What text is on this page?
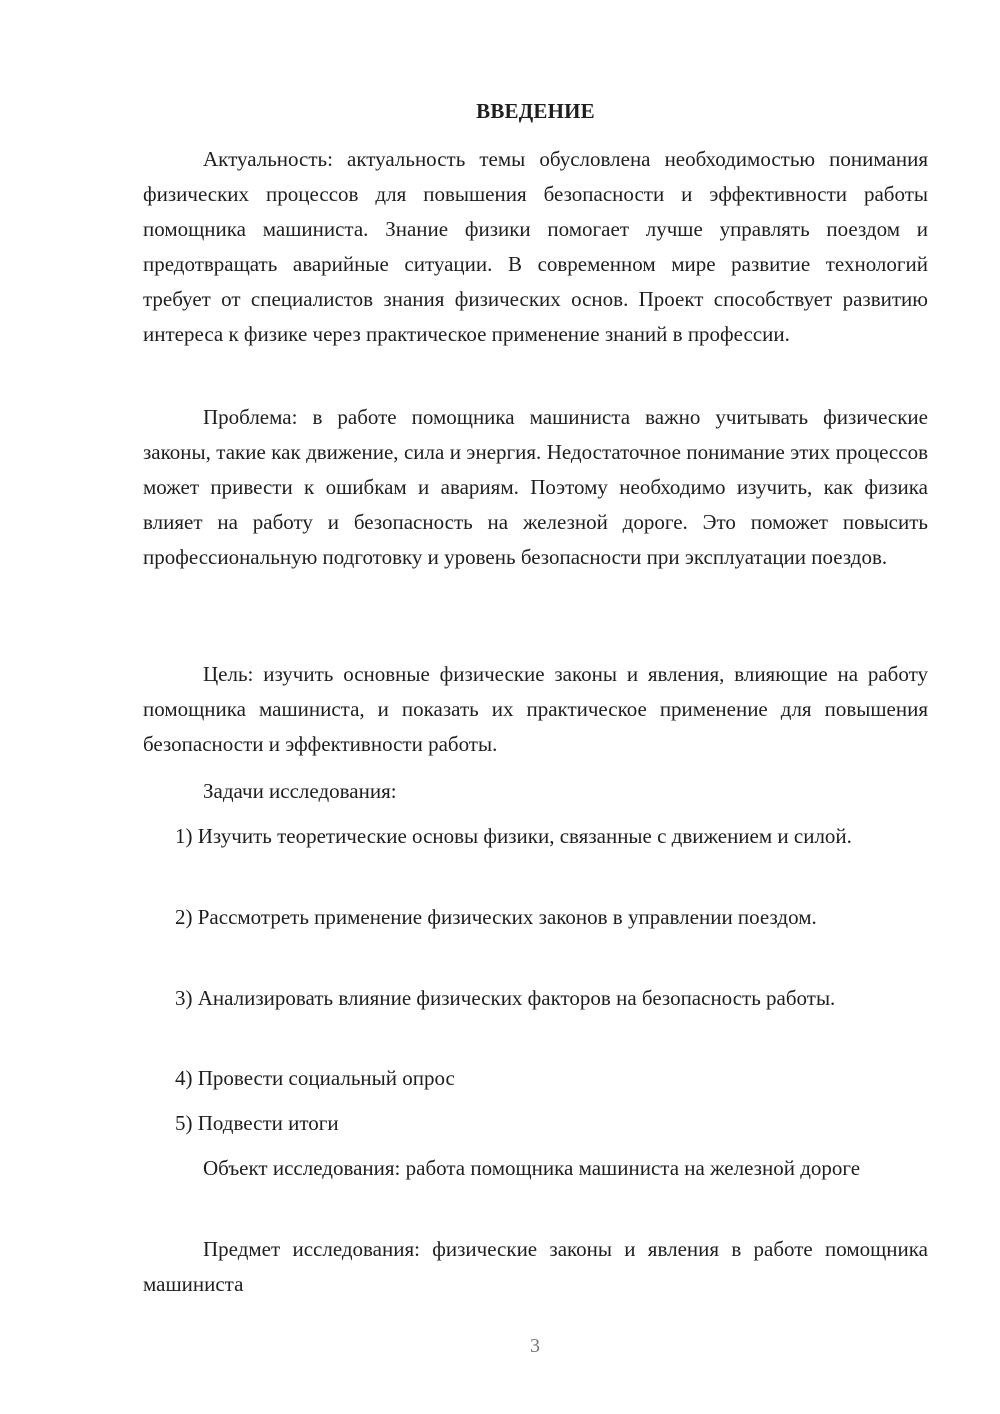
ВВЕДЕНИЕ

Актуальность: актуальность темы обусловлена необходимостью понимания физических процессов для повышения безопасности и эффективности работы помощника машиниста. Знание физики помогает лучше управлять поездом и предотвращать аварийные ситуации. В современном мире развитие технологий требует от специалистов знания физических основ. Проект способствует развитию интереса к физике через практическое применение знаний в профессии.

Проблема: в работе помощника машиниста важно учитывать физические законы, такие как движение, сила и энергия. Недостаточное понимание этих процессов может привести к ошибкам и авариям. Поэтому необходимо изучить, как физика влияет на работу и безопасность на железной дороге. Это поможет повысить профессиональную подготовку и уровень безопасности при эксплуатации поездов.

Цель: изучить основные физические законы и явления, влияющие на работу помощника машиниста, и показать их практическое применение для повышения безопасности и эффективности работы.

Задачи исследования:

1) Изучить теоретические основы физики, связанные с движением и силой.

2) Рассмотреть применение физических законов в управлении поездом.

3) Анализировать влияние физических факторов на безопасность работы.

4) Провести социальный опрос

5) Подвести итоги

Объект исследования: работа помощника машиниста на железной дороге

Предмет исследования: физические законы и явления в работе помощника машиниста

3
